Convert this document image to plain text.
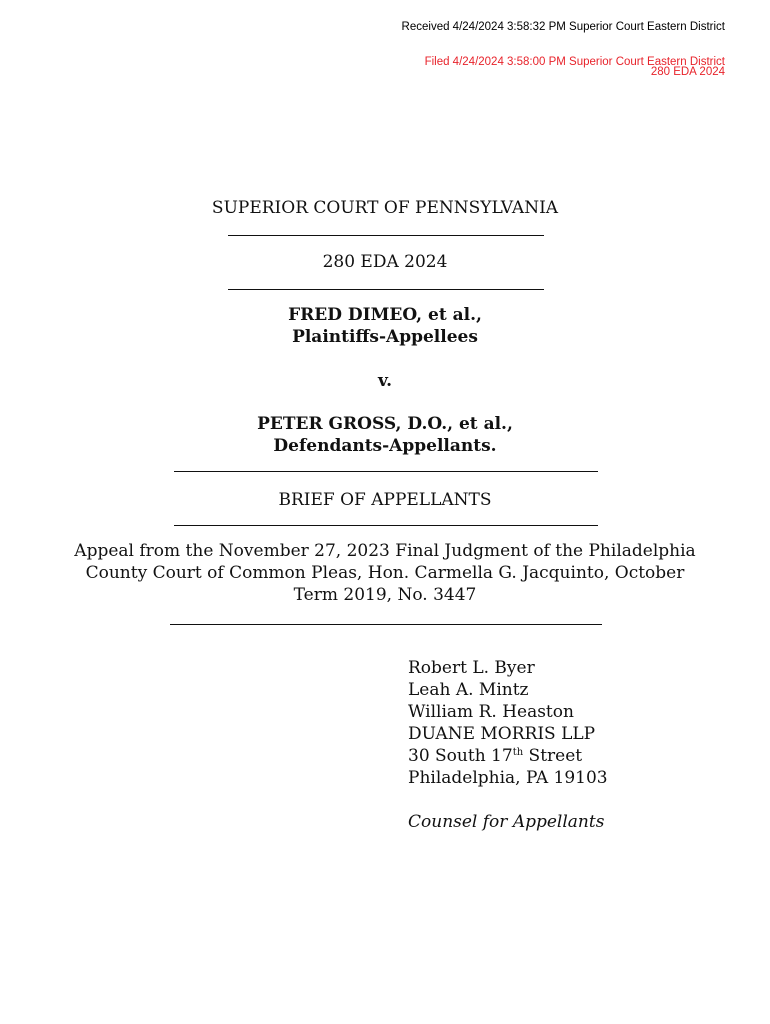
Received 4/24/2024 3:58:32 PM Superior Court Eastern District
Filed 4/24/2024 3:58:00 PM Superior Court Eastern District
280 EDA 2024
SUPERIOR COURT OF PENNSYLVANIA
280 EDA 2024
FRED DIMEO, et al.,
Plaintiffs-Appellees
v.
PETER GROSS, D.O., et al.,
Defendants-Appellants.
BRIEF OF APPELLANTS
Appeal from the November 27, 2023 Final Judgment of the Philadelphia
County Court of Common Pleas, Hon. Carmella G. Jacquinto, October
Term 2019, No. 3447
Robert L. Byer
Leah A. Mintz
William R. Heaston
DUANE MORRIS LLP
30 South 17th Street
Philadelphia, PA 19103
Counsel for Appellants
